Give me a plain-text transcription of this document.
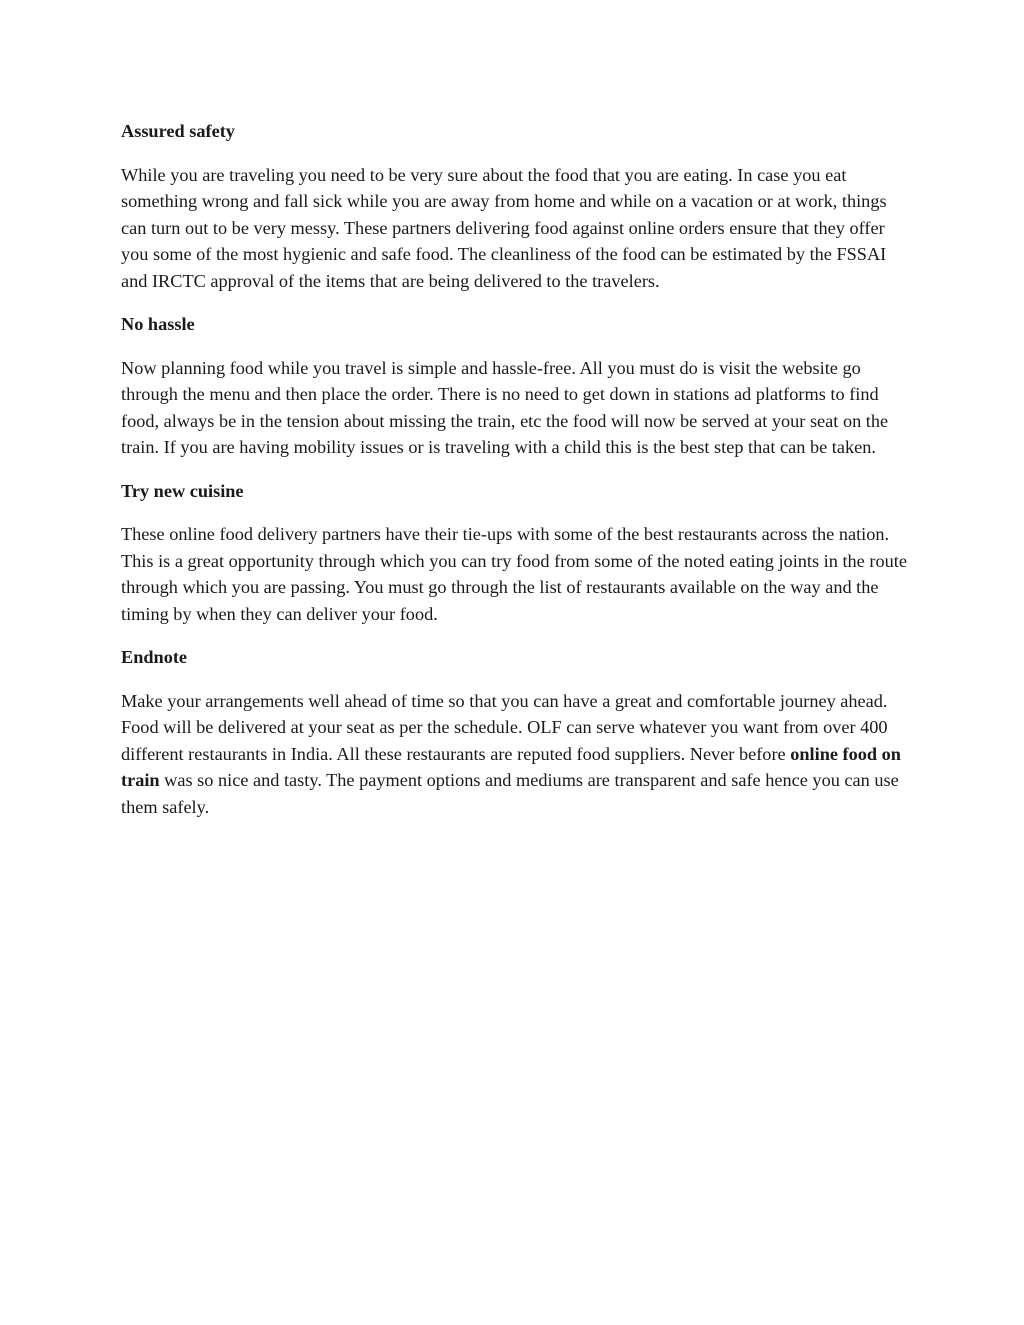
Assured safety
While you are traveling you need to be very sure about the food that you are eating. In case you eat something wrong and fall sick while you are away from home and while on a vacation or at work, things can turn out to be very messy. These partners delivering food against online orders ensure that they offer you some of the most hygienic and safe food. The cleanliness of the food can be estimated by the FSSAI and IRCTC approval of the items that are being delivered to the travelers.
No hassle
Now planning food while you travel is simple and hassle-free. All you must do is visit the website go through the menu and then place the order. There is no need to get down in stations ad platforms to find food, always be in the tension about missing the train, etc the food will now be served at your seat on the train. If you are having mobility issues or is traveling with a child this is the best step that can be taken.
Try new cuisine
These online food delivery partners have their tie-ups with some of the best restaurants across the nation. This is a great opportunity through which you can try food from some of the noted eating joints in the route through which you are passing. You must go through the list of restaurants available on the way and the timing by when they can deliver your food.
Endnote
Make your arrangements well ahead of time so that you can have a great and comfortable journey ahead. Food will be delivered at your seat as per the schedule. OLF can serve whatever you want from over 400 different restaurants in India. All these restaurants are reputed food suppliers. Never before online food on train was so nice and tasty. The payment options and mediums are transparent and safe hence you can use them safely.
